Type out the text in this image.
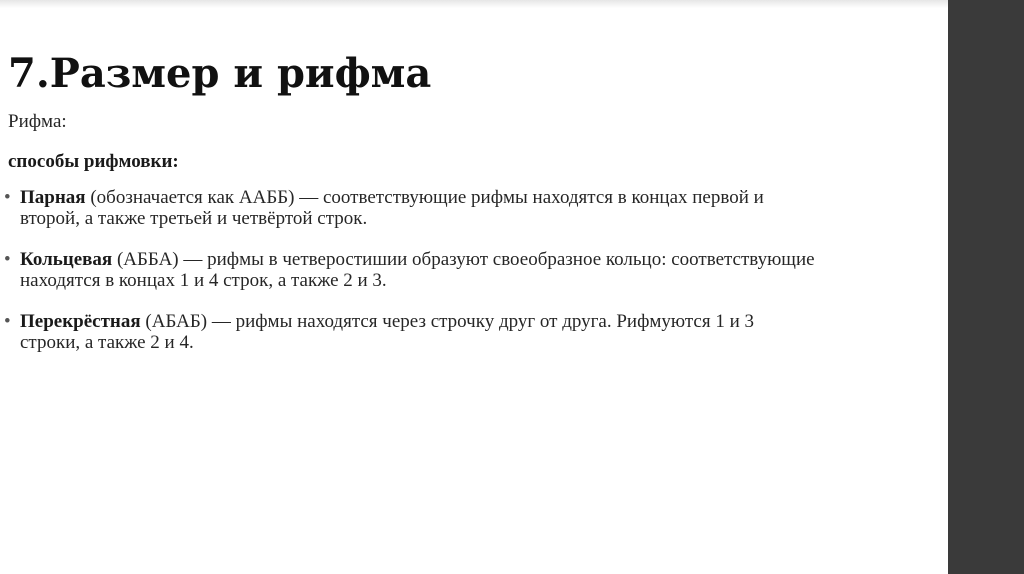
7.Размер и рифма

Рифма:

способы рифмовки:

• Парная (обозначается как ААББ) — соответствующие рифмы находятся в концах первой и
второй, а также третьей и четвёртой строк.
• Кольцевая (АББА) — рифмы в четверостишии образуют своеобразное кольцо: соответствующие
находятся в концах 1 и 4 строк, а также 2 и 3.
• Перекрёстная (АБАБ) — рифмы находятся через строчку друг от друга. Рифмуются 1 и 3
строки, а также 2 и 4.
